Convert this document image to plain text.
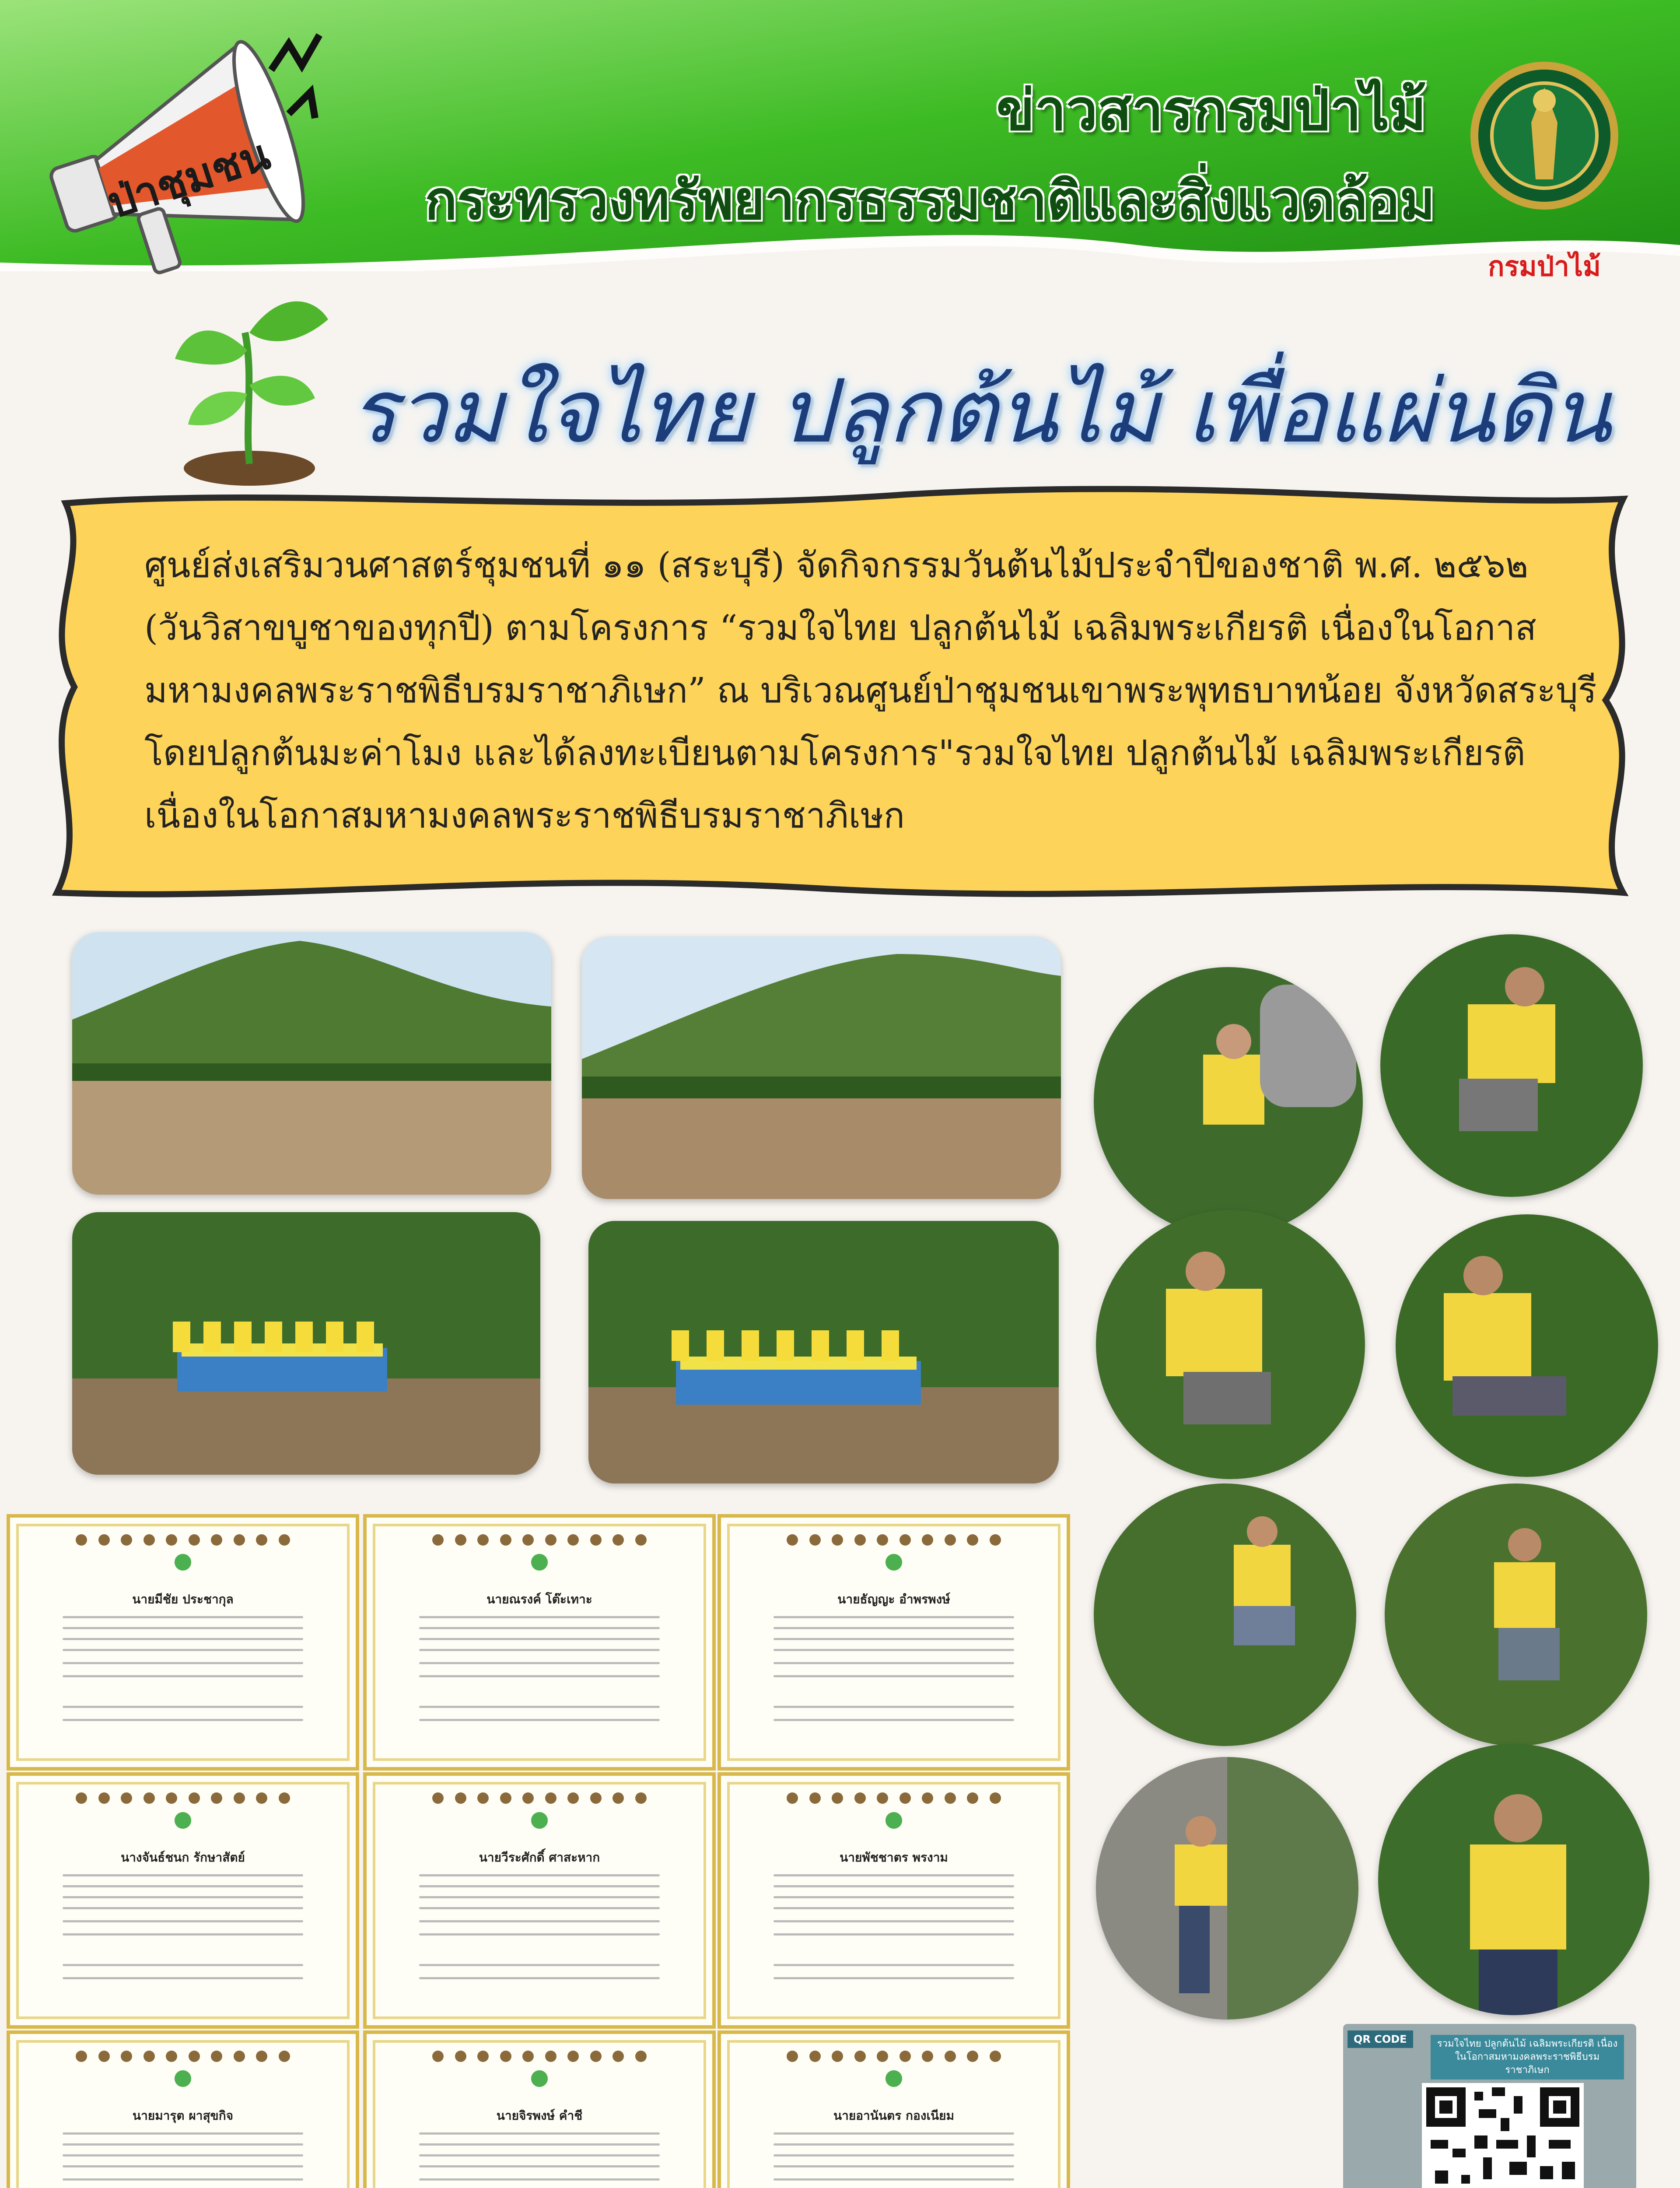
ป่าชุมชน
ข่าวสารกรมป่าไม้
กระทรวงทรัพยากรธรรมชาติและสิ่งแวดล้อม
กรมป่าไม้
รวมใจไทย ปลูกต้นไม้ เพื่อแผ่นดิน
ศูนย์ส่งเสริมวนศาสตร์ชุมชนที่ ๑๑ (สระบุรี) จัดกิจกรรมวันต้นไม้ประจำปีของชาติ พ.ศ. ๒๕๖๒
(วันวิสาขบูชาของทุกปี) ตามโครงการ “รวมใจไทย ปลูกต้นไม้ เฉลิมพระเกียรติ เนื่องในโอกาส
มหามงคลพระราชพิธีบรมราชาภิเษก” ณ บริเวณศูนย์ป่าชุมชนเขาพระพุทธบาทน้อย จังหวัดสระบุรี
โดยปลูกต้นมะค่าโมง และได้ลงทะเบียนตามโครงการ"รวมใจไทย ปลูกต้นไม้ เฉลิมพระเกียรติ
เนื่องในโอกาสมหามงคลพระราชพิธีบรมราชาภิเษก
นายมีชัย ประชากุล	นายณรงค์ โต๊ะเทาะ	นายธัญญะ อำพรพงษ์
นางจันธ์ชนก รักษาสัตย์	นายวีระศักดิ์ ศาสะหาก	นายพัชชาตร พรงาม
นายมารุต ผาสุขกิจ	นายจิรพงษ์ คำชี	นายอานันตร กองเนียม
QR CODE	รวมใจไทย ปลูกต้นไม้ เฉลิมพระเกียรติ เนื่องในโอกาสมหามงคลพระราชพิธีบรมราชาภิเษก
